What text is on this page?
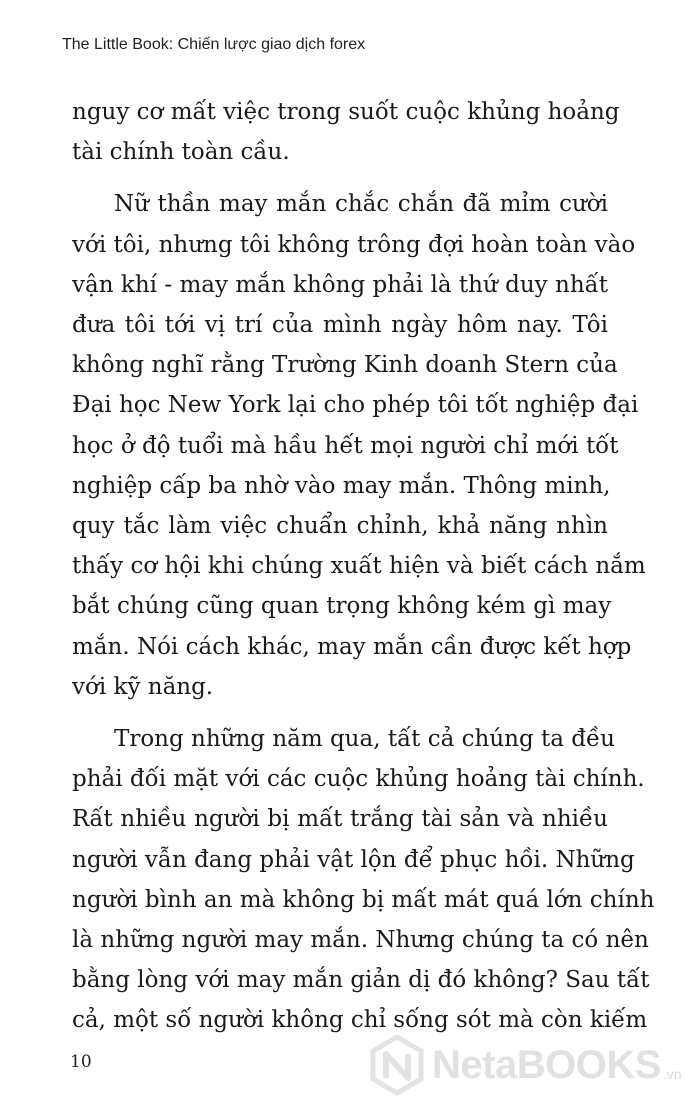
The Little Book: Chiến lược giao dịch forex
nguy cơ mất việc trong suốt cuộc khủng hoảng
tài chính toàn cầu.
Nữ thần may mắn chắc chắn đã mỉm cười
với tôi, nhưng tôi không trông đợi hoàn toàn vào
vận khí - may mắn không phải là thứ duy nhất
đưa tôi tới vị trí của mình ngày hôm nay. Tôi
không nghĩ rằng Trường Kinh doanh Stern của
Đại học New York lại cho phép tôi tốt nghiệp đại
học ở độ tuổi mà hầu hết mọi người chỉ mới tốt
nghiệp cấp ba nhờ vào may mắn. Thông minh,
quy tắc làm việc chuẩn chỉnh, khả năng nhìn
thấy cơ hội khi chúng xuất hiện và biết cách nắm
bắt chúng cũng quan trọng không kém gì may
mắn. Nói cách khác, may mắn cần được kết hợp
với kỹ năng.
Trong những năm qua, tất cả chúng ta đều
phải đối mặt với các cuộc khủng hoảng tài chính.
Rất nhiều người bị mất trắng tài sản và nhiều
người vẫn đang phải vật lộn để phục hồi. Những
người bình an mà không bị mất mát quá lớn chính
là những người may mắn. Nhưng chúng ta có nên
bằng lòng với may mắn giản dị đó không? Sau tất
cả, một số người không chỉ sống sót mà còn kiếm
10	NetaBOOKS .vn
